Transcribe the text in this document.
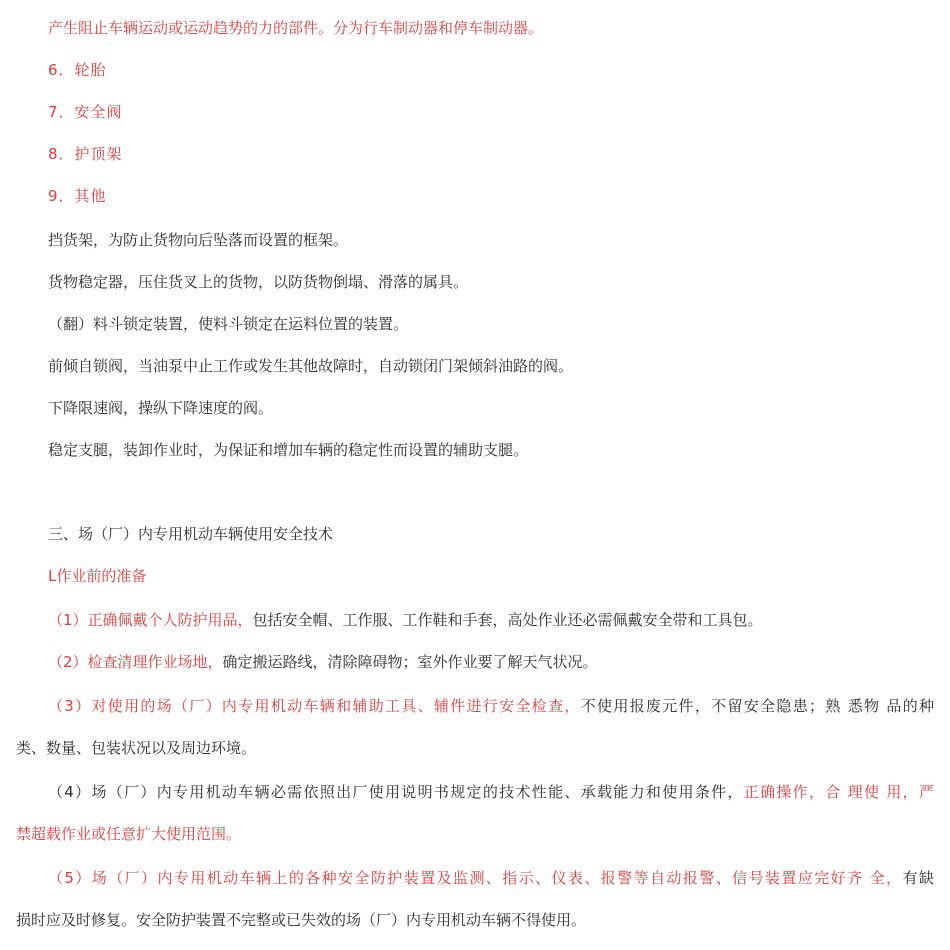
产生阻止车辆运动或运动趋势的力的部件。分为行车制动器和停车制动器。
6．轮胎
7．安全阀
8．护顶架
9．其他
挡货架，为防止货物向后坠落而设置的框架。
货物稳定器，压住货叉上的货物，以防货物倒塌、滑落的属具。
（翻）料斗锁定装置，使料斗锁定在运料位置的装置。
前倾自锁阀，当油泵中止工作或发生其他故障时，自动锁闭门架倾斜油路的阀。
下降限速阀，操纵下降速度的阀。
稳定支腿，装卸作业时，为保证和增加车辆的稳定性而设置的辅助支腿。
三、场（厂）内专用机动车辆使用安全技术
L作业前的准备
（1）正确佩戴个人防护用品，包括安全帽、工作服、工作鞋和手套，高处作业还必需佩戴安全带和工具包。
（2）检查清理作业场地，确定搬运路线，清除障碍物；室外作业要了解天气状况。
（3）对使用的场（厂）内专用机动车辆和辅助工具、辅件进行安全检查，不使用报废元件，不留安全隐患；熟 悉物 品的种
类、数量、包装状况以及周边环境。
（4）场（厂）内专用机动车辆必需依照出厂使用说明书规定的技术性能、承载能力和使用条件，正确操作，合 理使 用，严
禁超载作业或任意扩大使用范围。
（5）场（厂）内专用机动车辆上的各种安全防护装置及监测、指示、仪表、报警等自动报警、信号装置应完好齐 全，有缺
损时应及时修复。安全防护装置不完整或已失效的场（厂）内专用机动车辆不得使用。
